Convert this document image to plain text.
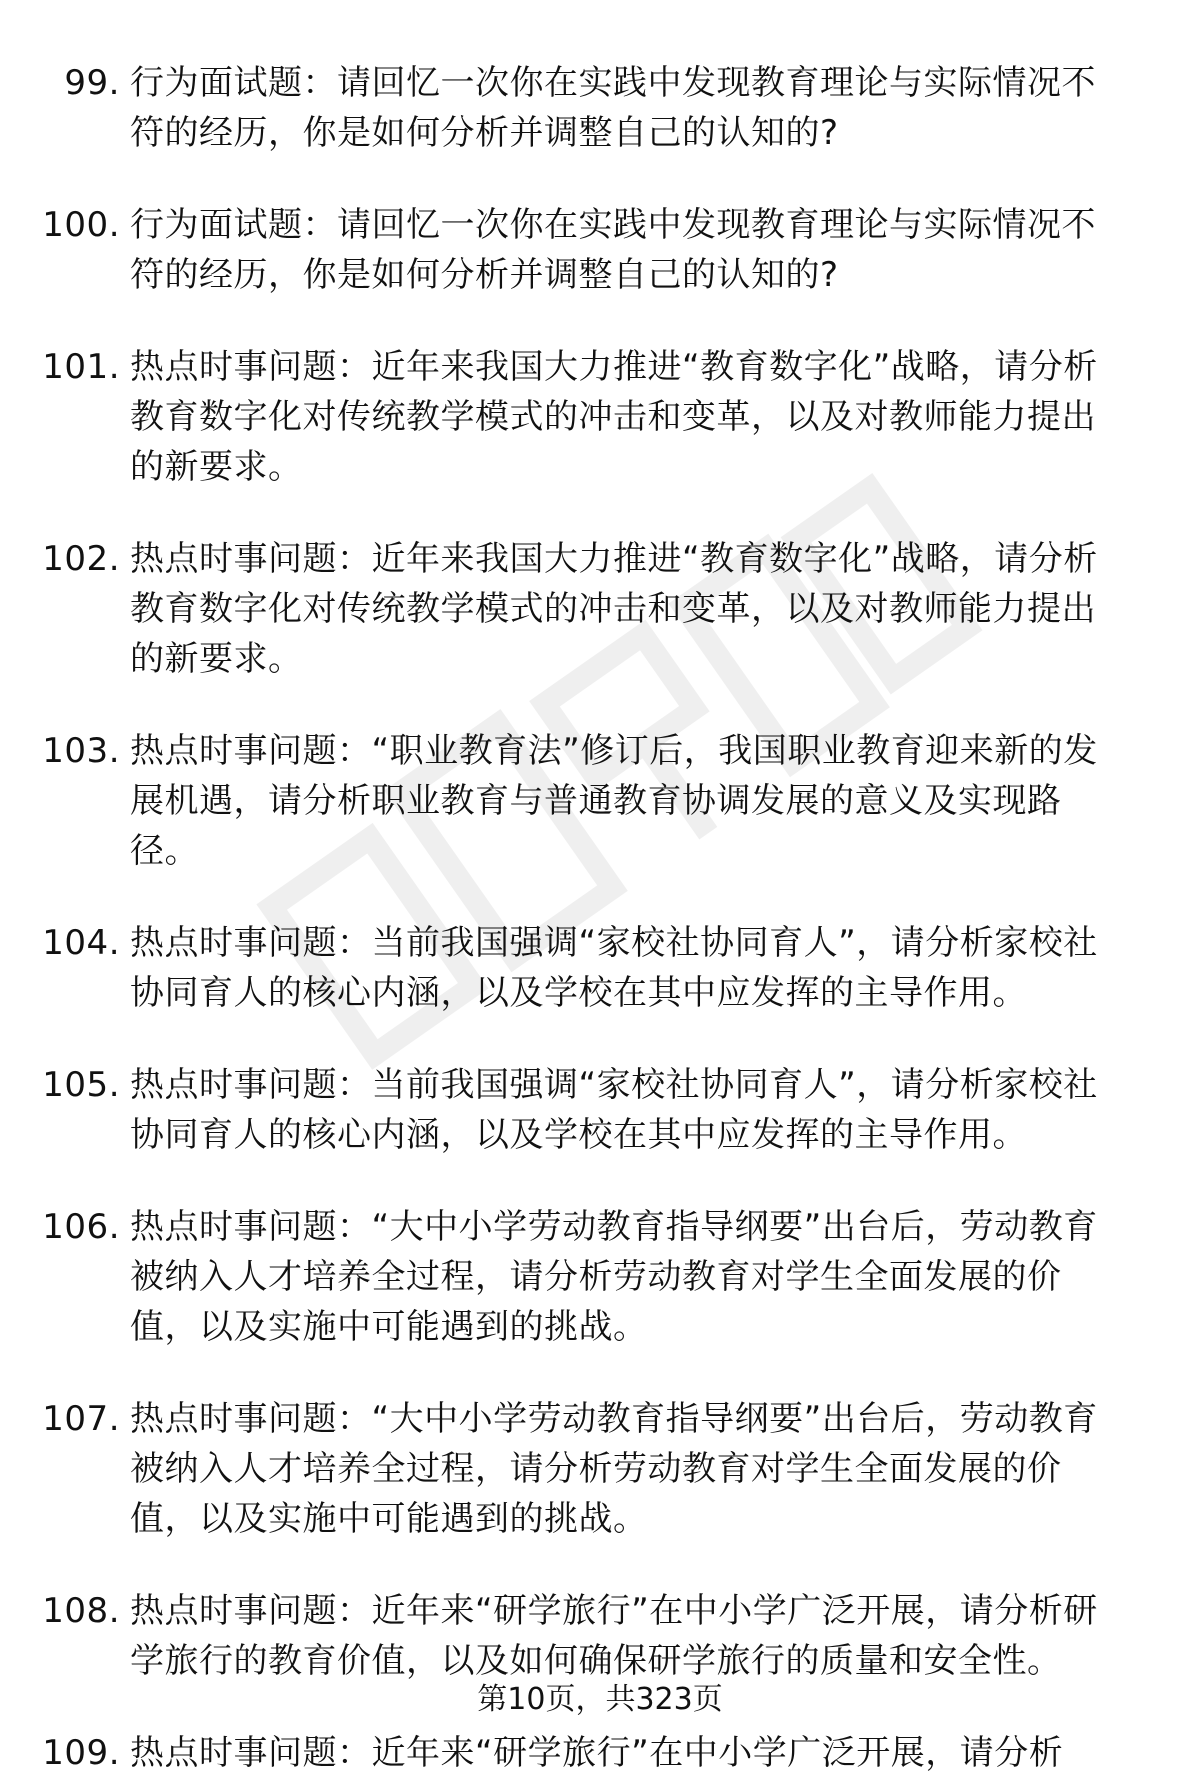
99. 行为面试题：请回忆一次你在实践中发现教育理论与实际情况不符的经历，你是如何分析并调整自己的认知的?
100. 行为面试题：请回忆一次你在实践中发现教育理论与实际情况不符的经历，你是如何分析并调整自己的认知的?
101. 热点时事问题：近年来我国大力推进“教育数字化”战略，请分析教育数字化对传统教学模式的冲击和变革，以及对教师能力提出的新要求。
102. 热点时事问题：近年来我国大力推进“教育数字化”战略，请分析教育数字化对传统教学模式的冲击和变革，以及对教师能力提出的新要求。
103. 热点时事问题：“职业教育法”修订后，我国职业教育迎来新的发展机遇，请分析职业教育与普通教育协调发展的意义及实现路径。
104. 热点时事问题：当前我国强调“家校社协同育人”，请分析家校社协同育人的核心内涵，以及学校在其中应发挥的主导作用。
105. 热点时事问题：当前我国强调“家校社协同育人”，请分析家校社协同育人的核心内涵，以及学校在其中应发挥的主导作用。
106. 热点时事问题：“大中小学劳动教育指导纲要”出台后，劳动教育被纳入人才培养全过程，请分析劳动教育对学生全面发展的价值，以及实施中可能遇到的挑战。
107. 热点时事问题：“大中小学劳动教育指导纲要”出台后，劳动教育被纳入人才培养全过程，请分析劳动教育对学生全面发展的价值，以及实施中可能遇到的挑战。
108. 热点时事问题：近年来“研学旅行”在中小学广泛开展，请分析研学旅行的教育价值，以及如何确保研学旅行的质量和安全性。
109. 热点时事问题：近年来“研学旅行”在中小学广泛开展，请分析
第10页，共323页
